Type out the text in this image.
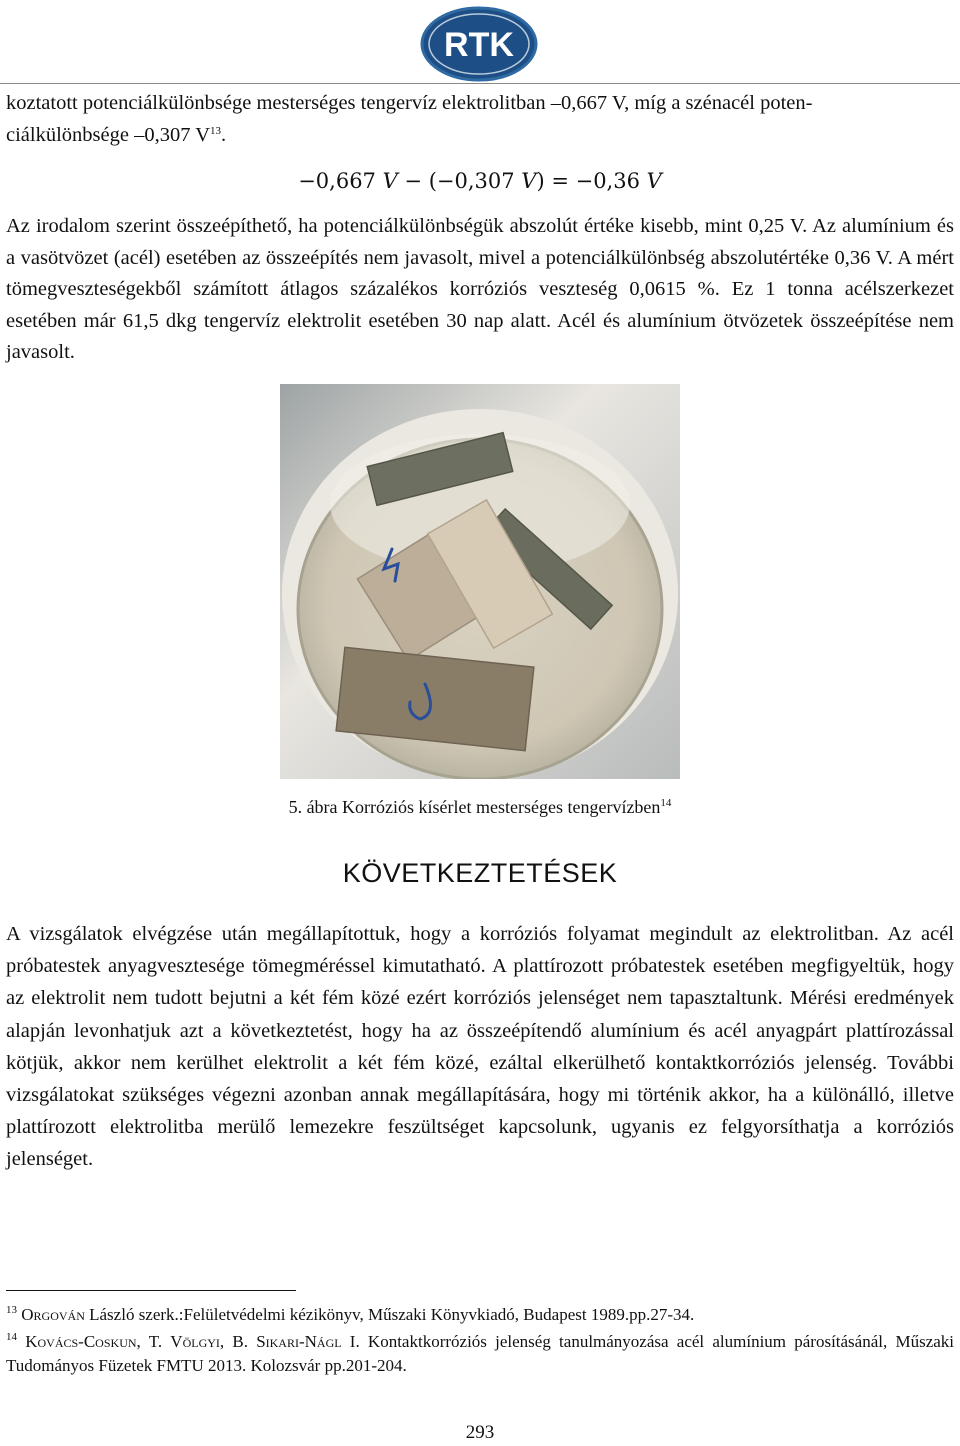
RTK

koztatott potenciálkülönbsége mesterséges tengervíz elektrolitban –0,667 V, míg a szénacél poten-
ciálkülönbsége –0,307 $V^{13}$.

−0,667 𝑉 − (−0,307 𝑉) = −0,36 𝑉

Az irodalom szerint összeépíthető, ha potenciálkülönbségük abszolút értéke kisebb, mint 0,25 V. Az alumínium és a vasötvözet (acél) esetében az összeépítés nem javasolt, mivel a potenciálkülönbség abszolutértéke 0,36 V. A mért tömegveszteségekből számított átlagos százalékos korróziós veszteség 0,0615 %. Ez 1 tonna acélszerkezet esetében már 61,5 dkg tengervíz elektrolit esetében 30 nap alatt. Acél és alumínium ötvözetek összeépítése nem javasolt.

5. ábra Korróziós kísérlet mesterséges tengervízben$^{14}$
KÖVETKEZTETÉSEK

A vizsgálatok elvégzése után megállapítottuk, hogy a korróziós folyamat megindult az elektrolitban. Az acél próbatestek anyagvesztesége tömegméréssel kimutatható. A plattírozott próbatestek esetében megfigyeltük, hogy az elektrolit nem tudott bejutni a két fém közé ezért korróziós jelenséget nem tapasztaltunk. Mérési eredmények alapján levonhatjuk azt a következtetést, hogy ha az összeépítendő alumínium és acél anyagpárt plattírozással kötjük, akkor nem kerülhet elektrolit a két fém közé, ezáltal elkerülhető kontaktkorróziós jelenség. További vizsgálatokat szükséges végezni azonban annak megállapítására, hogy mi történik akkor, ha a különálló, illetve plattírozott elektrolitba merülő lemezekre feszültséget kapcsolunk, ugyanis ez felgyorsíthatja a korróziós jelenséget.

$^{13}$ Orgován László szerk.:Felületvédelmi kézikönyv, Műszaki Könyvkiadó, Budapest 1989.pp.27-34.

$^{14}$ Kovács-Coskun, T. Völgyi, B. Sikari-Nágl I. Kontaktkorróziós jelenség tanulmányozása acél alumínium párosításánál, Műszaki Tudományos Füzetek FMTU 2013. Kolozsvár pp.201-204.

293
